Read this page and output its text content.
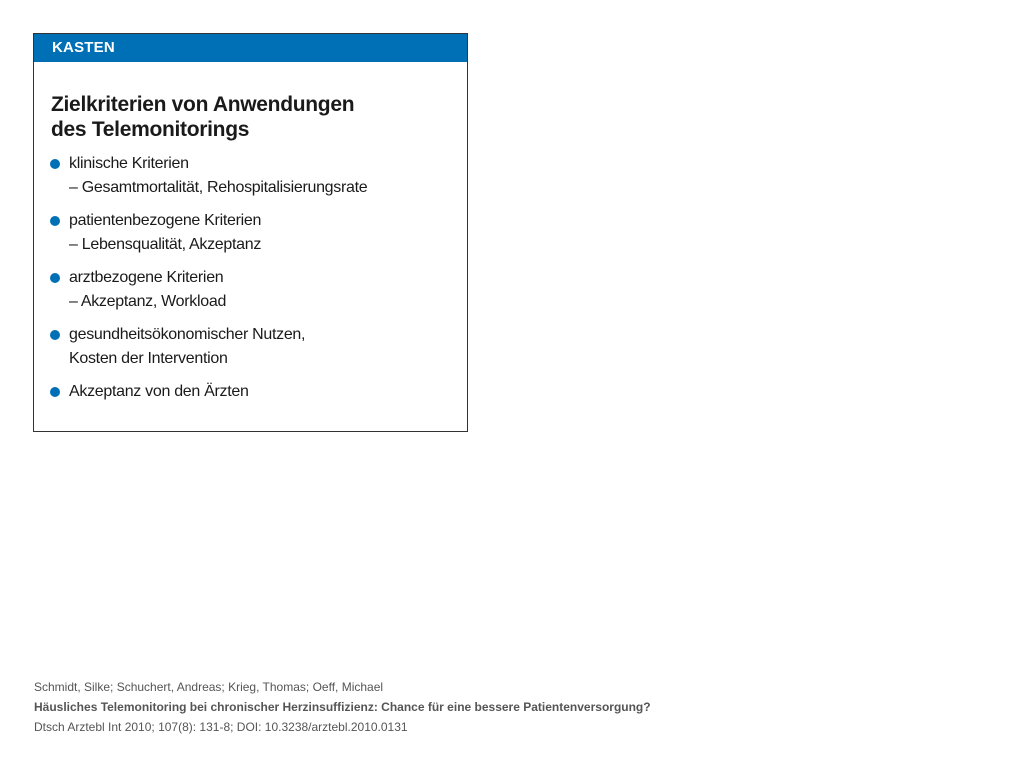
KASTEN
Zielkriterien von Anwendungen
des Telemonitorings
klinische Kriterien
– Gesamtmortalität, Rehospitalisierungsrate
patientenbezogene Kriterien
– Lebensqualität, Akzeptanz
arztbezogene Kriterien
– Akzeptanz, Workload
gesundheitsökonomischer Nutzen,
Kosten der Intervention
Akzeptanz von den Ärzten
Schmidt, Silke; Schuchert, Andreas; Krieg, Thomas; Oeff, Michael
Häusliches Telemonitoring bei chronischer Herzinsuffizienz: Chance für eine bessere Patientenversorgung?
Dtsch Arztebl Int 2010; 107(8): 131-8; DOI: 10.3238/arztebl.2010.0131
